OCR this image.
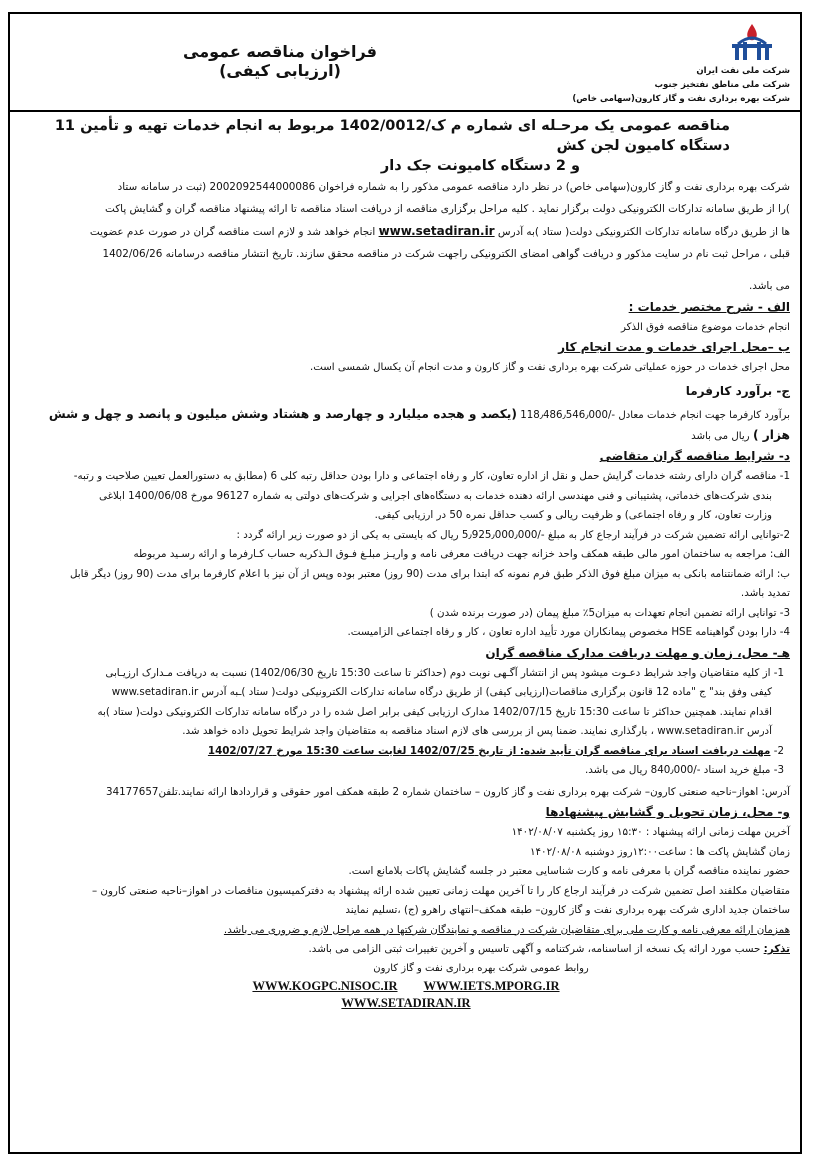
شرکت ملی نفت ایران
شرکت ملی مناطق نفتخیز جنوب
شرکت بهره برداری نفت و گاز کارون(سهامی خاص)
فراخوان مناقصه عمومی (ارزیابی کیفی)
مناقصه عمومی یک مرحـله ای شماره م ک/1402/0012 مربوط به انجام خدمات تهیه و تأمین 11 دستگاه کامیون لجن کش
و 2 دستگاه کامیونت جک دار
شرکت بهره برداری نفت و گاز کارون(سهامی خاص) در نظر دارد مناقصه عمومی مذکور را به شماره فراخوان 2002092544000086 (ثبت در سامانه ستاد
)را از طریق سامانه تدارکات الکترونیکی دولت برگزار نماید . کلیه مراحل برگزاری مناقصه از دریافت اسناد مناقصه تا ارائه پیشنهاد مناقصه گران و گشایش پاکت
ها از طریق درگاه سامانه تدارکات الکترونیکی دولت( ستاد )به آدرس www.setadiran.ir انجام خواهد شد و لازم است مناقصه گران در صورت عدم عضویت
قبلی ، مراحل ثبت نام در سایت مذکور و دریافت گواهی امضای الکترونیکی راجهت شرکت در مناقصه محقق سازند. تاریخ انتشار مناقصه درسامانه 1402/06/26
می باشد.
الف - شرح مختصر خدمات :
انجام خدمات موضوع مناقصه فوق الذکر
ب –محل اجرای خدمات و مدت انجام کار
محل اجرای خدمات در حوزه عملیاتی شرکت بهره برداری نفت و گاز کارون و مدت انجام آن یکسال شمسی است.
ج- برآورد کارفرما
برآورد کارفرما جهت انجام خدمات معادل -/118٫486٫546٫000 (یکصد و هجده میلیارد و چهارصد و هشتاد وشش میلیون و پانصد و چهل و شش
هزار ) ریال می باشد
د- شرایط مناقصه گران متقاضی
1- مناقصه گران دارای رشته خدمات گرایش حمل و نقل از اداره تعاون، کار و رفاه اجتماعی و دارا بودن حداقل رتبه کلی 6 (مطابق به دستورالعمل تعیین صلاحیت و رتبه-
بندی شرکت‌های خدماتی، پشتیبانی و فنی مهندسی ارائه دهنده خدمات به دستگاه‌های اجرایی و شرکت‌های دولتی به شماره 96127 مورخ 1400/06/08 ابلاغی
وزارت تعاون، کار و رفاه اجتماعی) و ظرفیت ریالی و کسب حداقل نمره 50 در ارزیابی کیفی.
2-توانایی ارائه تضمین شرکت در فرآیند ارجاع کار به مبلغ -/5٫925٫000٫000 ریال که بایستی به یکی از دو صورت زیر ارائه گردد :
الف: مراجعه به ساختمان امور مالی طبقه همکف واحد خزانه جهت دریافت معرفی نامه و واریـز مبلـغ فـوق الـذکربه حساب کـارفرما و ارائه رسـید مربوطه
ب: ارائه ضمانتنامه بانکی به میزان مبلغ فوق الذکر طبق فرم نمونه که ابتدا برای مدت (90 روز) معتبر بوده وپس از آن نیز با اعلام کارفرما برای مدت (90 روز) دیگر قابل
تمدید باشد.
3- توانایی ارائه تضمین انجام تعهدات به میزان5٪ مبلغ پیمان (در صورت برنده شدن )
4- دارا بودن گواهینامه HSE مخصوص پیمانکاران مورد تأیید اداره تعاون ، کار و رفاه اجتماعی الزامیست.
هـ- محل، زمان و مهلت دریافت مدارک مناقصه گران
1- از کلیه متقاضیان واجد شرایط دعـوت میشود پس از انتشار آگـهی نوبت دوم (حداکثر تا ساعت 15:30 تاریخ 1402/06/30) نسبت به دریافت مـدارک ارزیـابی
کیفی وفق بند" ج "ماده 12 قانون برگزاری مناقصات(ارزیابی کیفی) از طریق درگاه سامانه تدارکات الکترونیکی دولت( ستاد )ـبه آدرس www.setadiran.ir
اقدام نمایند. همچنین حداکثر تا ساعت 15:30 تاریخ 1402/07/15 مدارک ارزیابی کیفی برابر اصل شده را در درگاه سامانه تدارکات الکترونیکی دولت( ستاد )به
آدرس www.setadiran.ir ، بارگذاری نمایند. ضمنا پس از بررسی های لازم اسناد مناقصه به متقاضیان واجد شرایط تحویل داده خواهد شد.
2- مهلت دریافت اسناد برای مناقصه گران تأیید شده: از تاریخ 1402/07/25 لغایت ساعت 15:30 مورخ 1402/07/27
3- مبلغ خرید اسناد -/840٫000 ریال می باشد.
آدرس: اهواز–ناحیه صنعتی کارون– شرکت بهره برداری نفت و گاز کارون – ساختمان شماره 2 طبقه همکف امور حقوقی و قراردادها ارائه نمایند.تلفن34177657
و- محل، زمان تحویل و گشایش پیشنهادها
آخرین مهلت زمانی ارائه پیشنهاد : ۱۵:۳۰ روز یکشنبه ۱۴۰۲/۰۸/۰۷
زمان گشایش پاکت ها : ساعت۱۲:۰۰روز دوشنبه ۱۴۰۲/۰۸/۰۸
حضور نماینده مناقصه گران با معرفی نامه و کارت شناسایی معتبر در جلسه گشایش پاکات بلامانع است.
متقاضیان مکلفند اصل تضمین شرکت در فرآیند ارجاع کار را تا آخرین مهلت زمانی تعیین شده ارائه پیشنهاد به دفترکمیسیون مناقصات در اهواز–ناحیه صنعتی کارون –
ساختمان جدید اداری شرکت بهره برداری نفت و گاز کارون– طبقه همکف–انتهای راهرو (ج) ،تسلیم نمایند
همزمان ارائه معرفی نامه و کارت ملی برای متقاضیان شرکت در مناقصه و نمایندگان شرکتها در همه مراحل لازم و ضروری می باشد.
تذکر: حسب مورد ارائه یک نسخه از اساسنامه، شرکتنامه و آگهی تاسیس و آخرین تغییرات ثبتی الزامی می باشد.
روابط عمومی شرکت بهره برداری نفت و گاز کارون
WWW.KOGPC.NISOC.IR WWW.IETS.MPORG.IR
WWW.SETADIRAN.IR
